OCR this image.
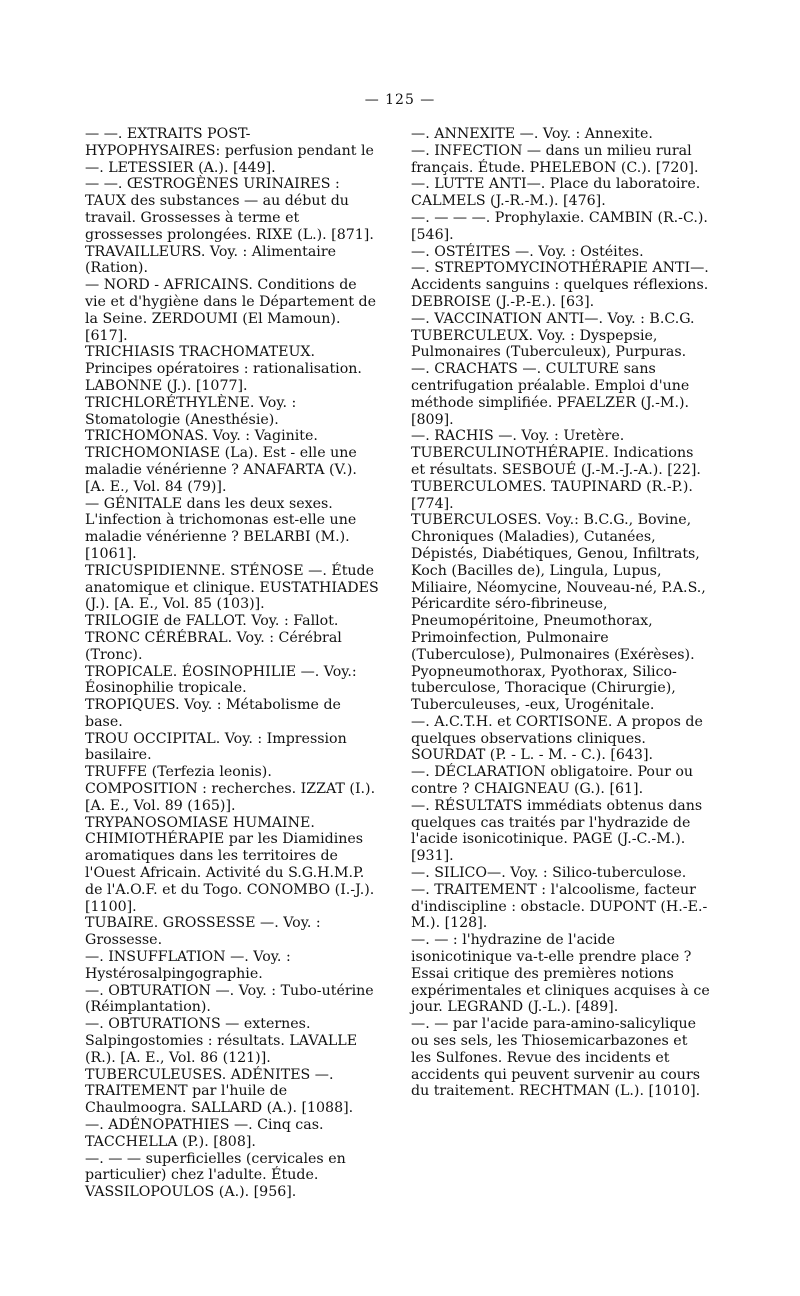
— 125 —

— —. EXTRAITS POST-HYPOPHYSAIRES: perfusion pendant le —. LETESSIER (A.). [449].

— —. ŒSTROGÈNES URINAIRES : TAUX des substances — au début du travail. Grossesses à terme et grossesses prolongées. RIXE (L.). [871].

TRAVAILLEURS. Voy. : Alimentaire (Ration).

— NORD - AFRICAINS. Conditions de vie et d'hygiène dans le Département de la Seine. ZERDOUMI (El Mamoun). [617].

TRICHIASIS TRACHOMATEUX. Principes opératoires : rationalisation. LABONNE (J.). [1077].

TRICHLORÉTHYLÈNE. Voy. : Stomatologie (Anesthésie).

TRICHOMONAS. Voy. : Vaginite.

TRICHOMONIASE (La). Est - elle une maladie vénérienne ? ANAFARTA (V.). [A. E., Vol. 84 (79)].

— GÉNITALE dans les deux sexes. L'infection à trichomonas est-elle une maladie vénérienne ? BELARBI (M.). [1061].

TRICUSPIDIENNE. STÉNOSE —. Étude anatomique et clinique. EUSTATHIADES (J.). [A. E., Vol. 85 (103)].

TRILOGIE de FALLOT. Voy. : Fallot.

TRONC CÉRÉBRAL. Voy. : Cérébral (Tronc).

TROPICALE. ÉOSINOPHILIE —. Voy.: Éosinophilie tropicale.

TROPIQUES. Voy. : Métabolisme de base.

TROU OCCIPITAL. Voy. : Impression basilaire.

TRUFFE (Terfezia leonis). COMPOSITION : recherches. IZZAT (I.). [A. E., Vol. 89 (165)].

TRYPANOSOMIASE HUMAINE. CHIMIOTHÉRAPIE par les Diamidines aromatiques dans les territoires de l'Ouest Africain. Activité du S.G.H.M.P. de l'A.O.F. et du Togo. CONOMBO (I.-J.). [1100].

TUBAIRE. GROSSESSE —. Voy. : Grossesse.

—. INSUFFLATION —. Voy. : Hystérosalpingographie.

—. OBTURATION —. Voy. : Tubo-utérine (Réimplantation).

—. OBTURATIONS — externes. Salpingostomies : résultats. LAVALLE (R.). [A. E., Vol. 86 (121)].

TUBERCULEUSES. ADÉNITES —. TRAITEMENT par l'huile de Chaulmoogra. SALLARD (A.). [1088].

—. ADÉNOPATHIES —. Cinq cas. TACCHELLA (P.). [808].

—. — — superficielles (cervicales en particulier) chez l'adulte. Étude. VASSILOPOULOS (A.). [956].

—. ANNEXITE —. Voy. : Annexite.

—. INFECTION — dans un milieu rural français. Étude. PHELEBON (C.). [720].

—. LUTTE ANTI—. Place du laboratoire. CALMELS (J.-R.-M.). [476].

—. — — —. Prophylaxie. CAMBIN (R.-C.). [546].

—. OSTÉITES —. Voy. : Ostéites.

—. STREPTOMYCINOTHÉRAPIE ANTI—. Accidents sanguins : quelques réflexions. DEBROISE (J.-P.-E.). [63].

—. VACCINATION ANTI—. Voy. : B.C.G.

TUBERCULEUX. Voy. : Dyspepsie, Pulmonaires (Tuberculeux), Purpuras.

—. CRACHATS —. CULTURE sans centrifugation préalable. Emploi d'une méthode simplifiée. PFAELZER (J.-M.). [809].

—. RACHIS —. Voy. : Uretère.

TUBERCULINOTHÉRAPIE. Indications et résultats. SESBOUÉ (J.-M.-J.-A.). [22].

TUBERCULOMES. TAUPINARD (R.-P.). [774].

TUBERCULOSES. Voy.: B.C.G., Bovine, Chroniques (Maladies), Cutanées, Dépistés, Diabétiques, Genou, Infiltrats, Koch (Bacilles de), Lingula, Lupus, Miliaire, Néomycine, Nouveau-né, P.A.S., Péricardite séro-fibrineuse, Pneumopéritoine, Pneumothorax, Primoinfection, Pulmonaire (Tuberculose), Pulmonaires (Exérèses). Pyopneumothorax, Pyothorax, Silico-tuberculose, Thoracique (Chirurgie), Tuberculeuses, -eux, Urogénitale.

—. A.C.T.H. et CORTISONE. A propos de quelques observations cliniques. SOURDAT (P. - L. - M. - C.). [643].

—. DÉCLARATION obligatoire. Pour ou contre ? CHAIGNEAU (G.). [61].

—. RÉSULTATS immédiats obtenus dans quelques cas traités par l'hydrazide de l'acide isonicotinique. PAGE (J.-C.-M.). [931].

—. SILICO—. Voy. : Silico-tuberculose.

—. TRAITEMENT : l'alcoolisme, facteur d'indiscipline : obstacle. DUPONT (H.-E.-M.). [128].

—. — : l'hydrazine de l'acide isonicotinique va-t-elle prendre place ? Essai critique des premières notions expérimentales et cliniques acquises à ce jour. LEGRAND (J.-L.). [489].

—. — par l'acide para-amino-salicylique ou ses sels, les Thiosemicarbazones et les Sulfones. Revue des incidents et accidents qui peuvent survenir au cours du traitement. RECHTMAN (L.). [1010].
